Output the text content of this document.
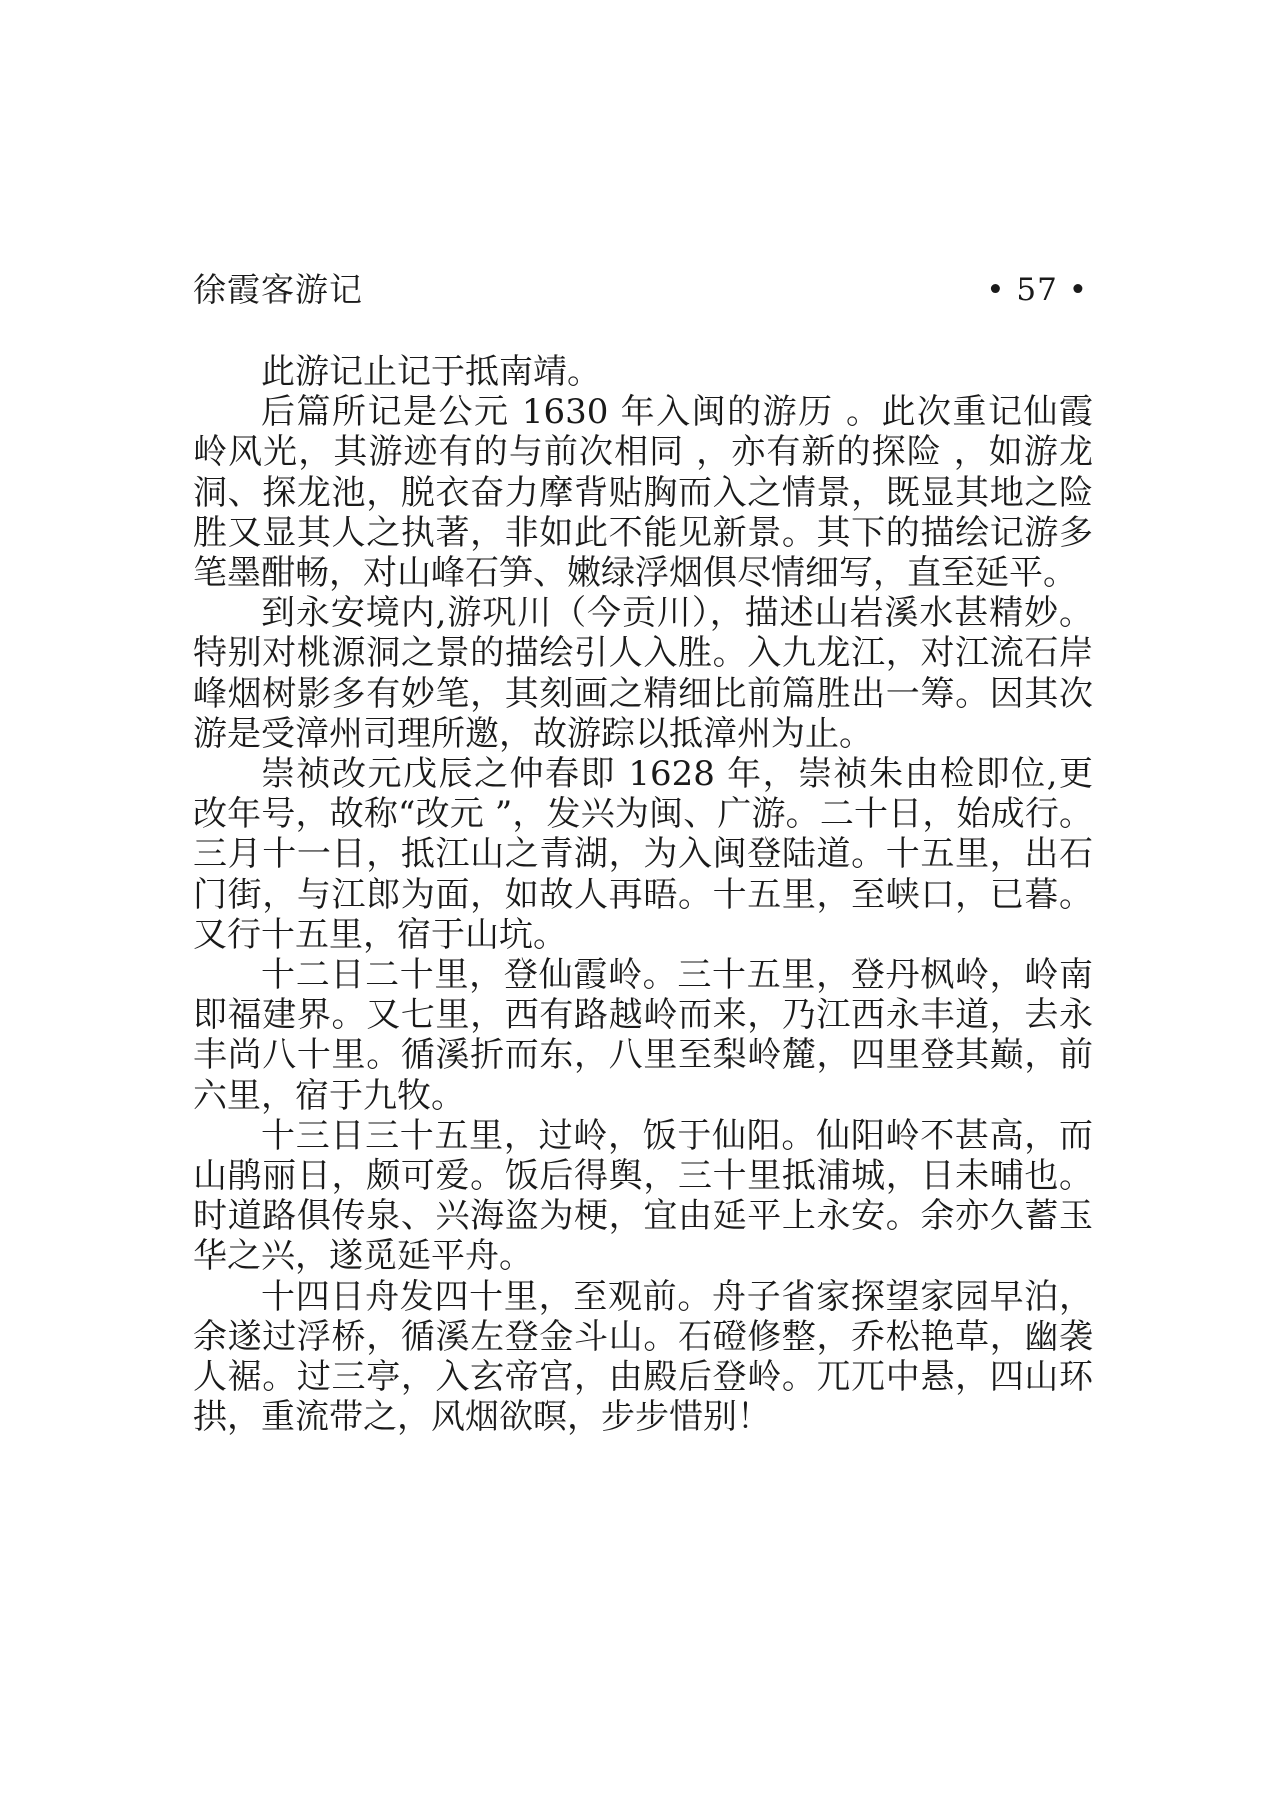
徐霞客游记	• 57 •

此游记止记于抵南靖。

后篇所记是公元 1630 年入闽的游历 。此次重记仙霞岭风光，其游迹有的与前次相同 ，亦有新的探险 ，如游龙洞、探龙池，脱衣奋力摩背贴胸而入之情景，既显其地之险胜又显其人之执著，非如此不能见新景。其下的描绘记游多笔墨酣畅，对山峰石笋、嫩绿浮烟俱尽情细写，直至延平。

到永安境内,游巩川（今贡川），描述山岩溪水甚精妙。特别对桃源洞之景的描绘引人入胜。入九龙江，对江流石岸峰烟树影多有妙笔，其刻画之精细比前篇胜出一筹。因其次游是受漳州司理所邀，故游踪以抵漳州为止。

崇祯改元戊辰之仲春即 1628 年，崇祯朱由检即位,更改年号，故称“改元 ”，发兴为闽、广游。二十日，始成行。三月十一日，抵江山之青湖，为入闽登陆道。十五里，出石门街，与江郎为面，如故人再晤。十五里，至峡口，已暮。又行十五里，宿于山坑。

十二日二十里，登仙霞岭。三十五里，登丹枫岭，岭南即福建界。又七里，西有路越岭而来，乃江西永丰道，去永丰尚八十里。循溪折而东，八里至梨岭麓，四里登其巅，前六里，宿于九牧。

十三日三十五里，过岭，饭于仙阳。仙阳岭不甚高，而山鹃丽日，颇可爱。饭后得舆，三十里抵浦城，日未晡也。时道路俱传泉、兴海盗为梗，宜由延平上永安。余亦久蓄玉华之兴，遂觅延平舟。

十四日舟发四十里，至观前。舟子省家探望家园早泊，余遂过浮桥，循溪左登金斗山。石磴修整，乔松艳草，幽袭人裾。过三亭，入玄帝宫，由殿后登岭。兀兀中悬，四山环拱，重流带之，风烟欲暝，步步惜别！
